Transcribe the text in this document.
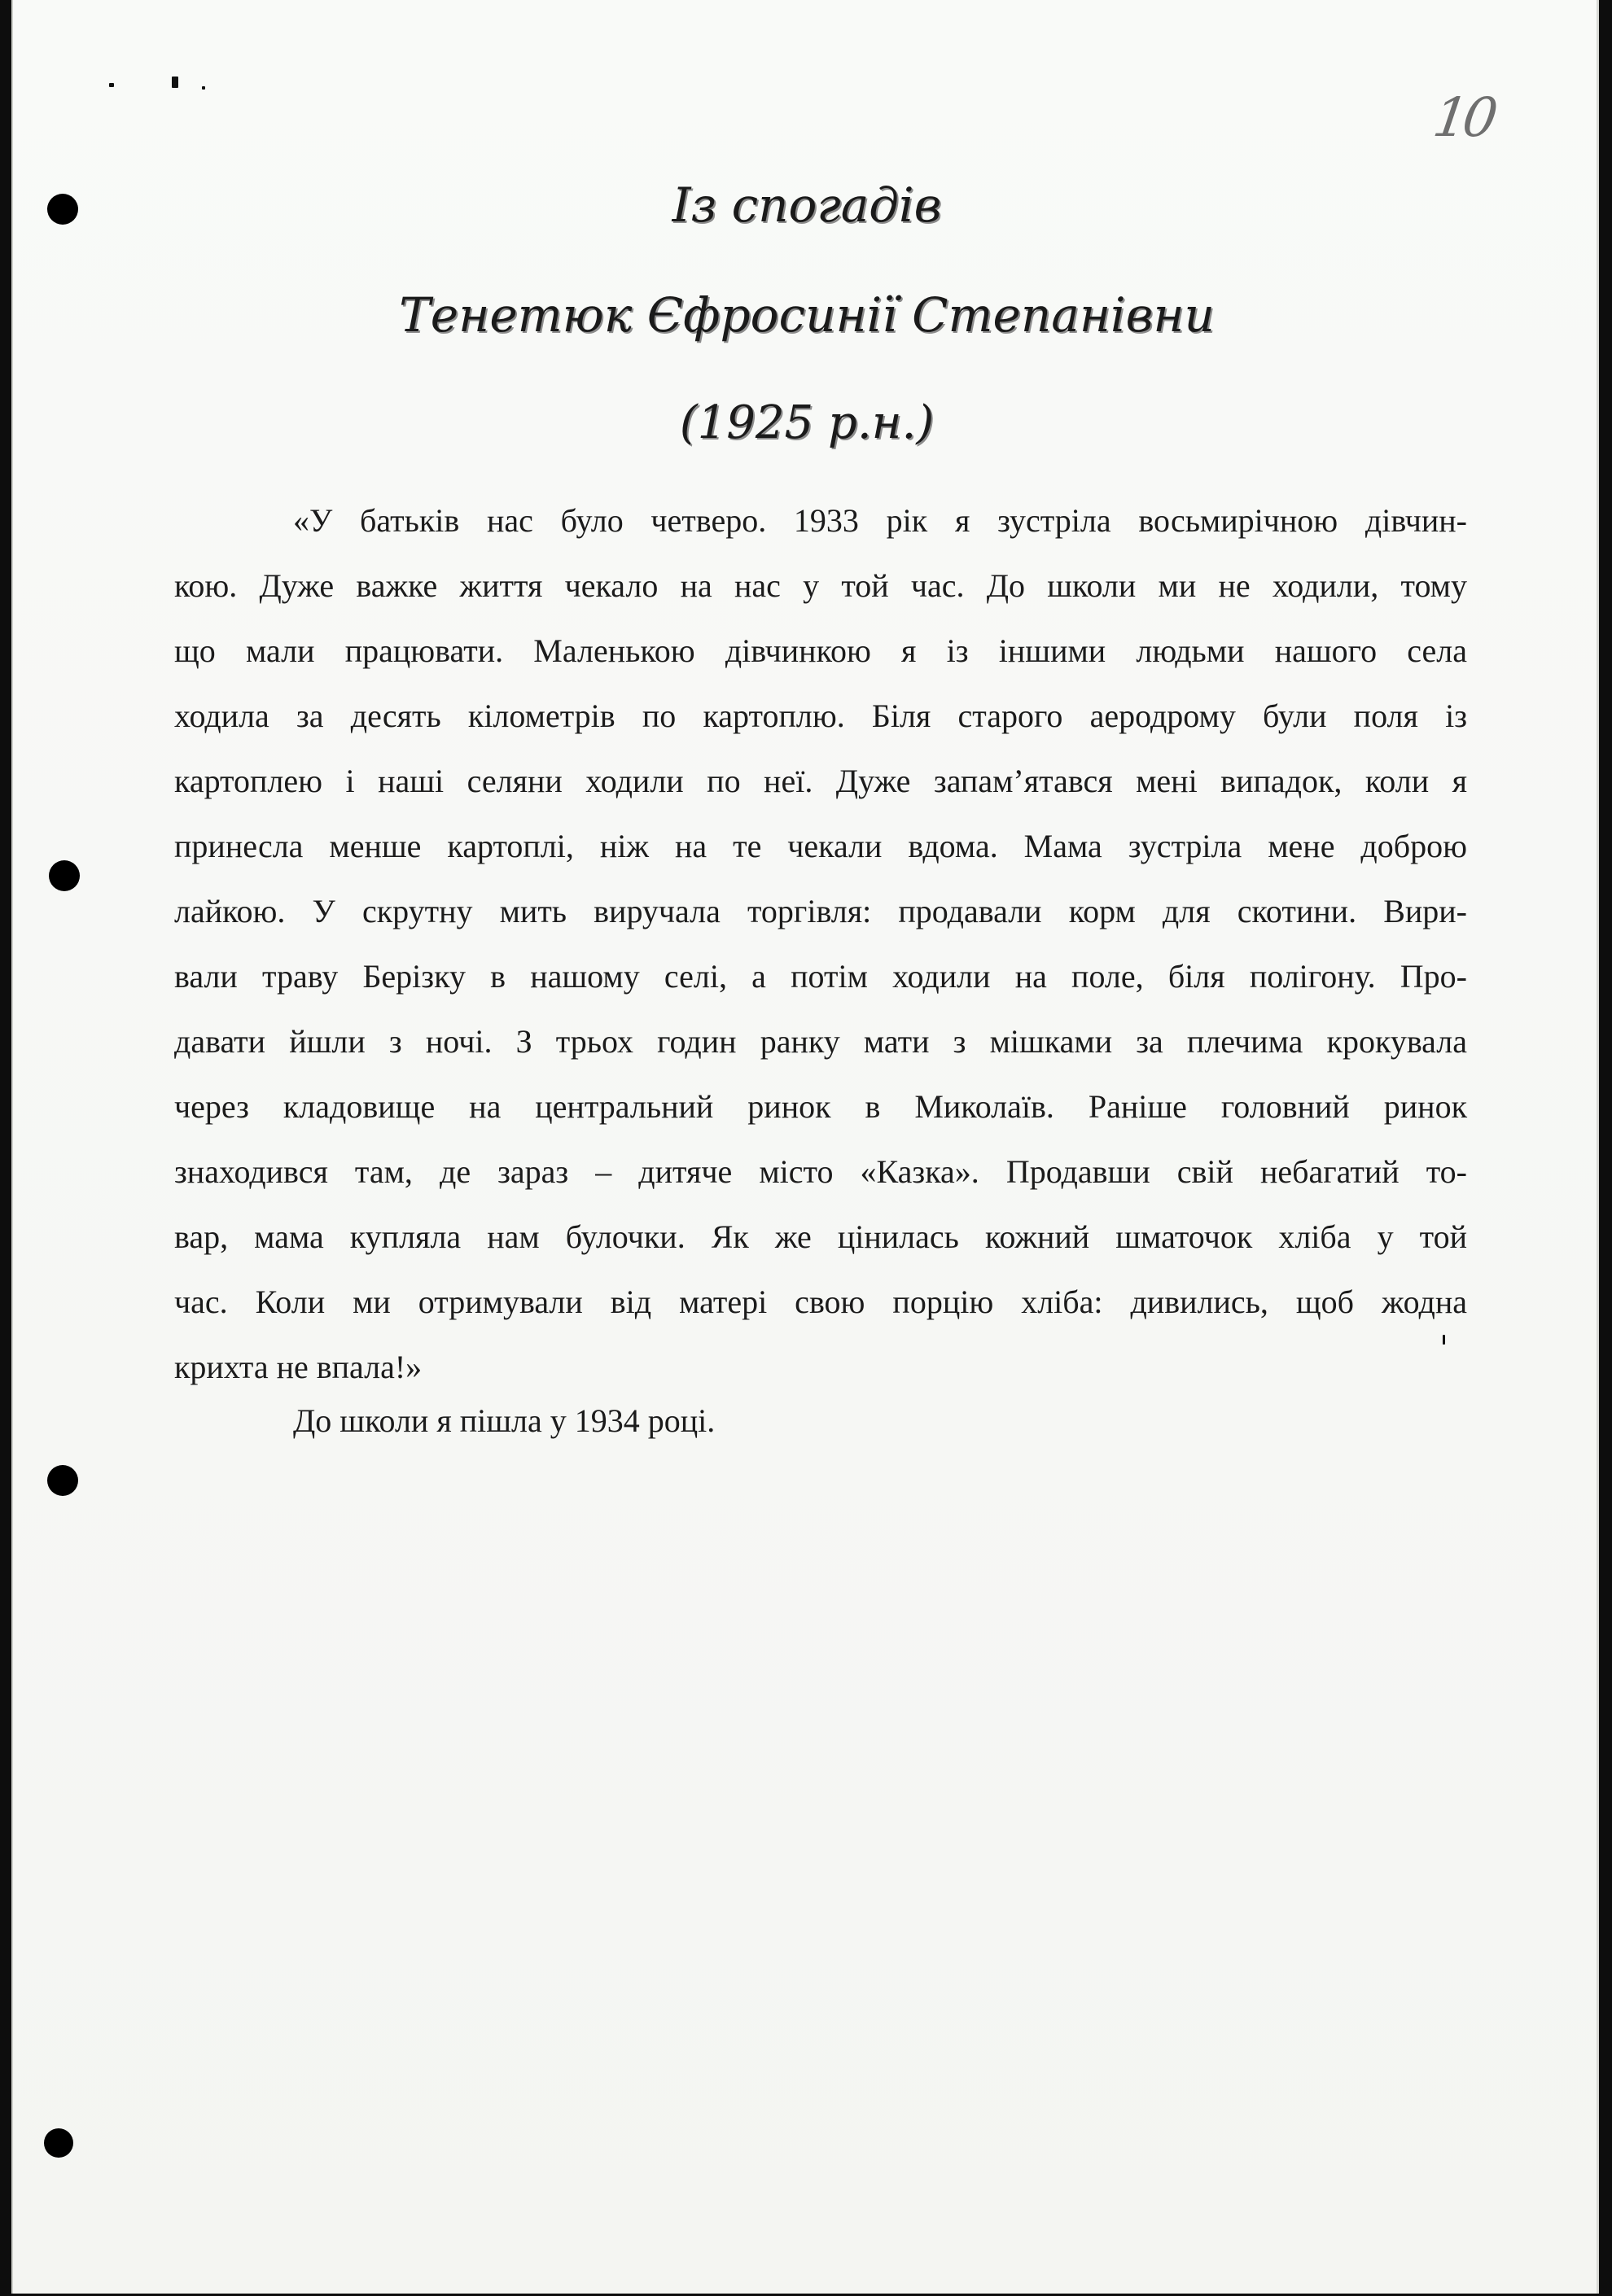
10
Із спогадів
Тенетюк Єфросинії Степанівни
(1925 р.н.)
«У батьків нас було четверо. 1933 рік я зустріла восьмирічною дівчин-
кою. Дуже важке життя чекало на нас у той час. До школи ми не ходили, тому
що мали працювати. Маленькою дівчинкою я із іншими людьми нашого села
ходила за десять кілометрів по картоплю. Біля старого аеродрому були поля із
картоплею і наші селяни ходили по неї. Дуже запам’ятався мені випадок, коли я
принесла менше картоплі, ніж на те чекали вдома. Мама зустріла мене доброю
лайкою. У скрутну мить виручала торгівля: продавали корм для скотини. Вири-
вали траву Берізку в нашому селі, а потім ходили на поле, біля полігону. Про-
давати йшли з ночі. З трьох годин ранку мати з мішками за плечима крокувала
через кладовище на центральний ринок в Миколаїв. Раніше головний ринок
знаходився там, де зараз – дитяче місто «Казка». Продавши свій небагатий то-
вар, мама купляла нам булочки. Як же цінилась кожний шматочок хліба у той
час. Коли ми отримували від матері свою порцію хліба: дивились, щоб жодна
крихта не впала!»
До школи я пішла у 1934 році.
